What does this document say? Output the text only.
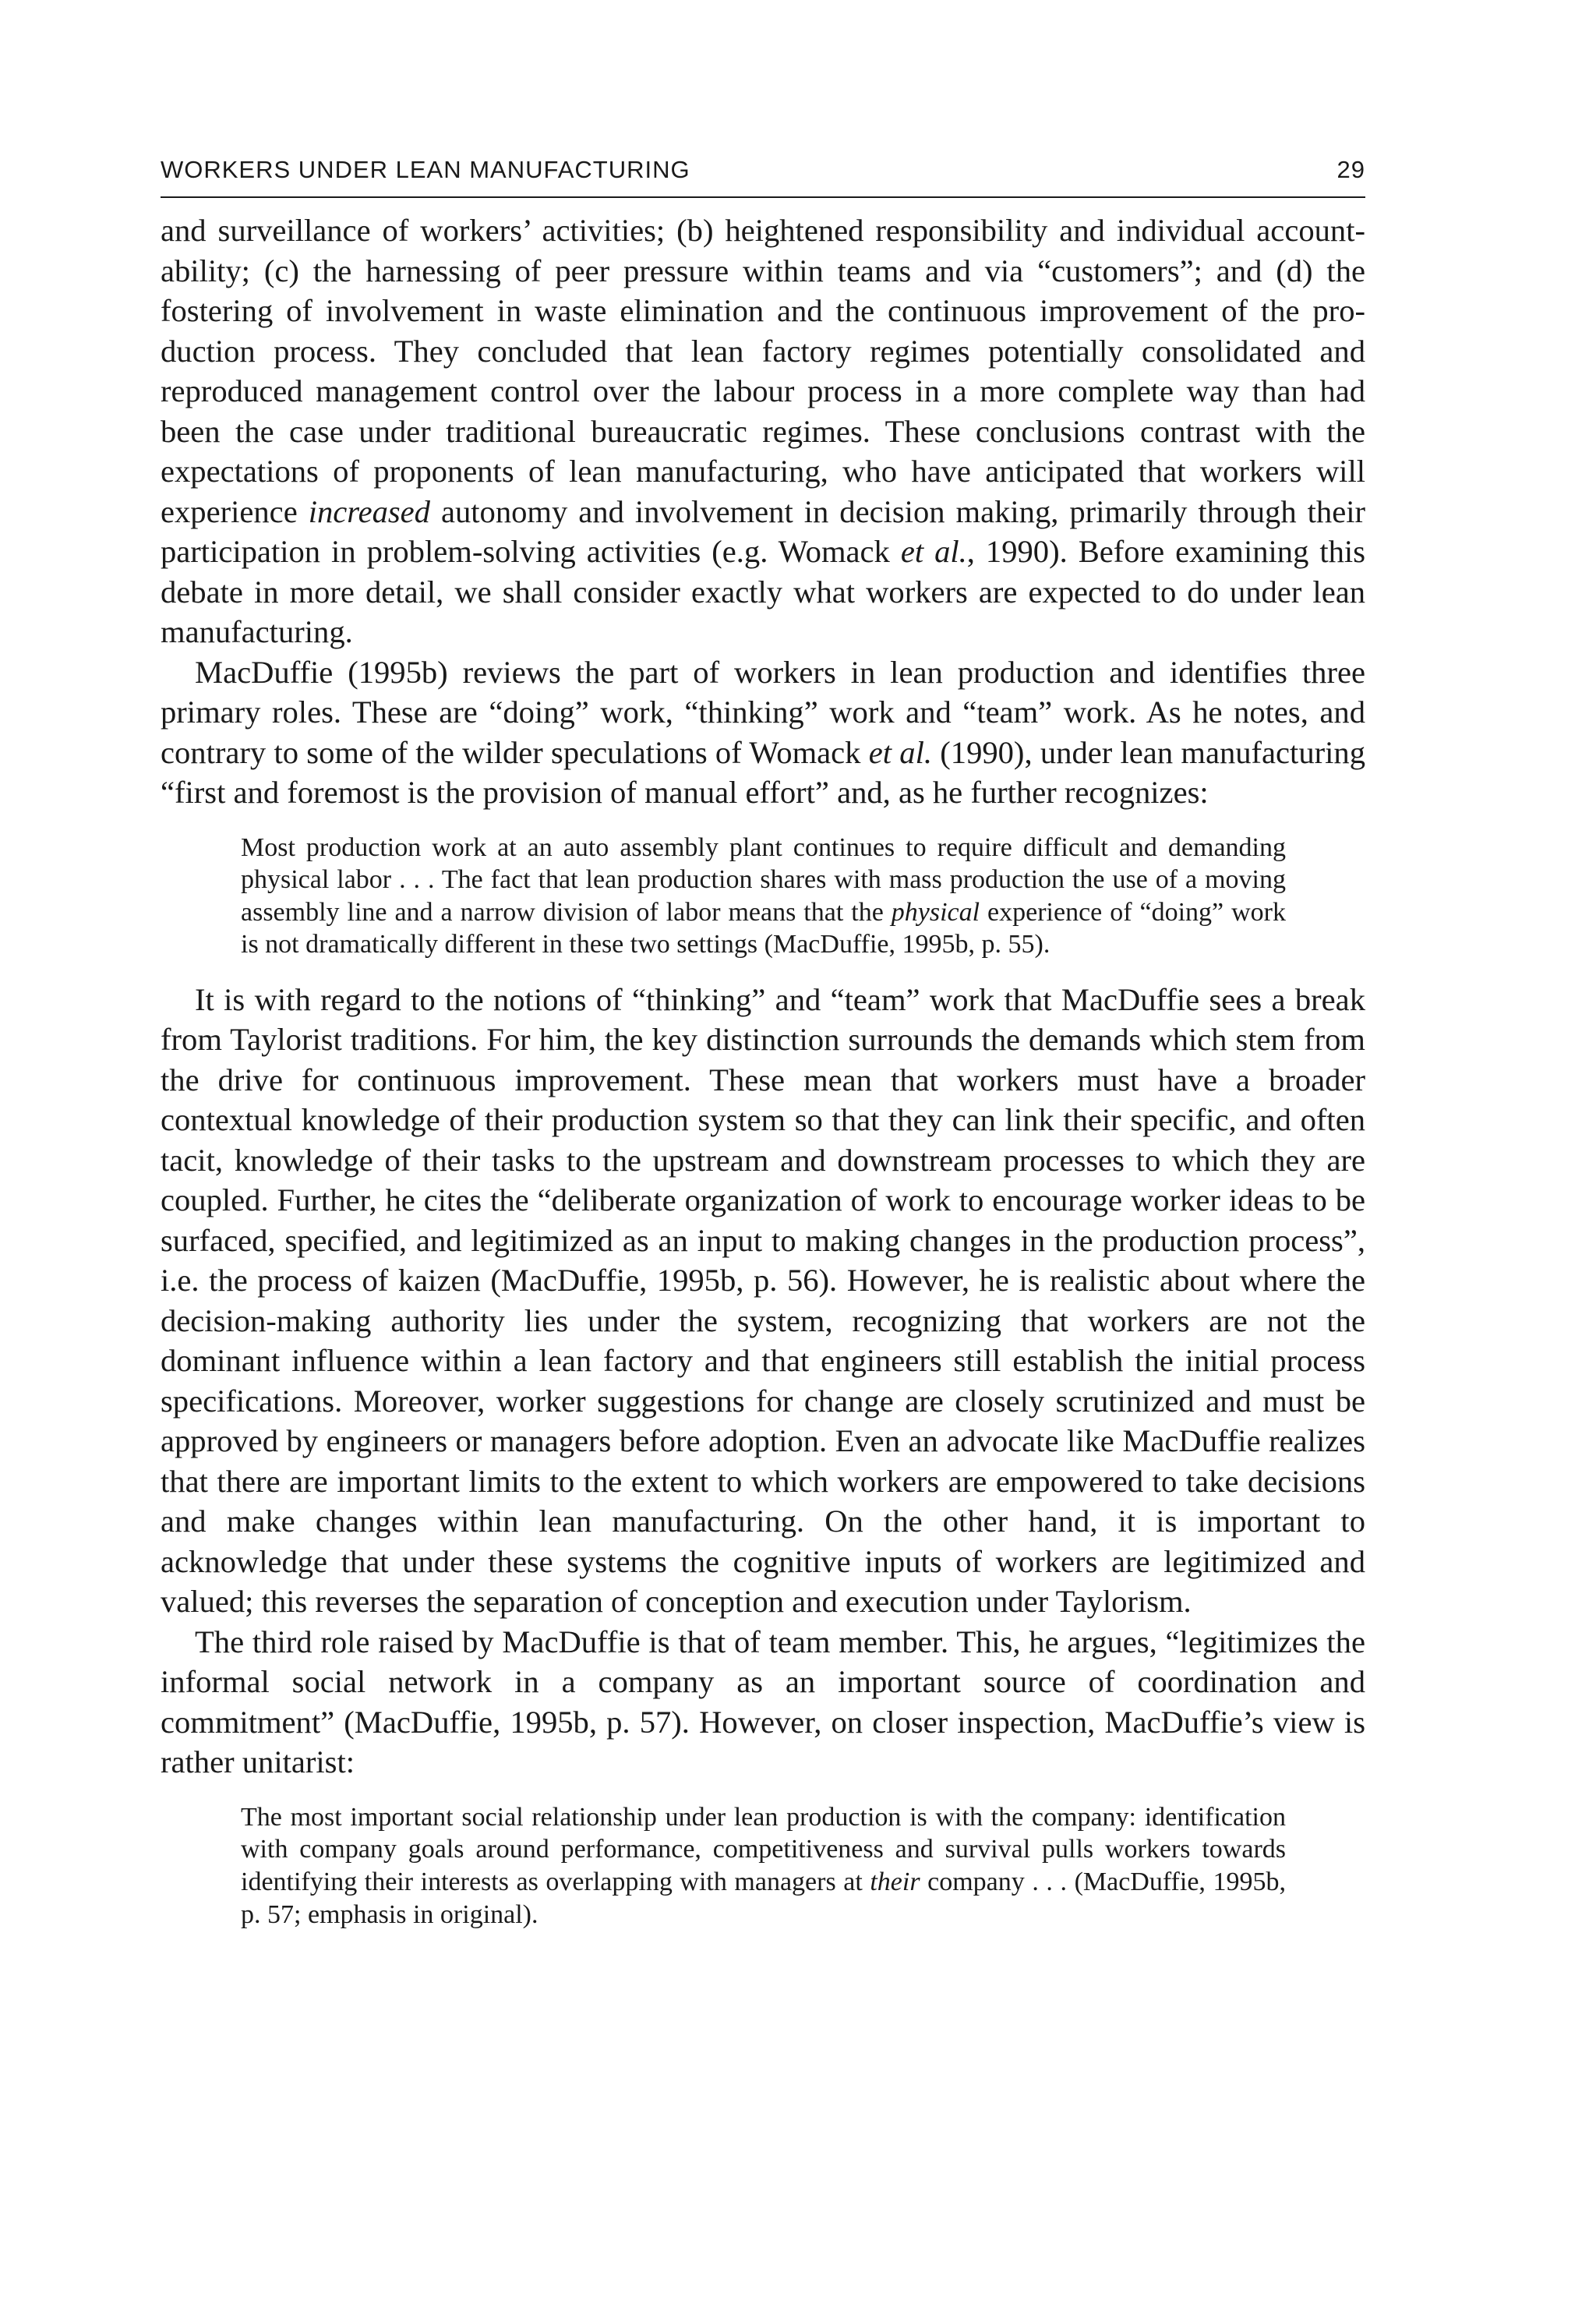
WORKERS UNDER LEAN MANUFACTURING	29

and surveillance of workers’ activities; (b) heightened responsibility and individual accountability; (c) the harnessing of peer pressure within teams and via “customers”; and (d) the fostering of involvement in waste elimination and the continuous improvement of the production process. They concluded that lean factory regimes potentially consolidated and reproduced management control over the labour process in a more complete way than had been the case under traditional bureaucratic regimes. These conclusions contrast with the expectations of proponents of lean manufacturing, who have anticipated that workers will experience increased autonomy and involvement in decision making, primarily through their participation in problem-solving activities (e.g. Womack et al., 1990). Before examining this debate in more detail, we shall consider exactly what workers are expected to do under lean manufacturing.

MacDuffie (1995b) reviews the part of workers in lean production and identifies three primary roles. These are “doing” work, “thinking” work and “team” work. As he notes, and contrary to some of the wilder speculations of Womack et al. (1990), under lean manufacturing “first and foremost is the provision of manual effort” and, as he further recognizes:

Most production work at an auto assembly plant continues to require difficult and demanding physical labor . . . The fact that lean production shares with mass production the use of a moving assembly line and a narrow division of labor means that the physical experience of “doing” work is not dramatically different in these two settings (MacDuffie, 1995b, p. 55).

It is with regard to the notions of “thinking” and “team” work that MacDuffie sees a break from Taylorist traditions. For him, the key distinction surrounds the demands which stem from the drive for continuous improvement. These mean that workers must have a broader contextual knowledge of their production system so that they can link their specific, and often tacit, knowledge of their tasks to the upstream and downstream processes to which they are coupled. Further, he cites the “deliberate organization of work to encourage worker ideas to be surfaced, specified, and legitimized as an input to making changes in the production process”, i.e. the process of kaizen (MacDuffie, 1995b, p. 56). However, he is realistic about where the decision-making authority lies under the system, recognizing that workers are not the dominant influence within a lean factory and that engineers still establish the initial process specifications. Moreover, worker suggestions for change are closely scrutinized and must be approved by engineers or managers before adoption. Even an advocate like MacDuffie realizes that there are important limits to the extent to which workers are empowered to take decisions and make changes within lean manufacturing. On the other hand, it is important to acknowledge that under these systems the cognitive inputs of workers are legitimized and valued; this reverses the separation of conception and execution under Taylorism.

The third role raised by MacDuffie is that of team member. This, he argues, “legitimizes the informal social network in a company as an important source of coordination and commitment” (MacDuffie, 1995b, p. 57). However, on closer inspection, MacDuffie’s view is rather unitarist:

The most important social relationship under lean production is with the company: identification with company goals around performance, competitiveness and survival pulls workers towards identifying their interests as overlapping with managers at their company . . . (MacDuffie, 1995b, p. 57; emphasis in original).
